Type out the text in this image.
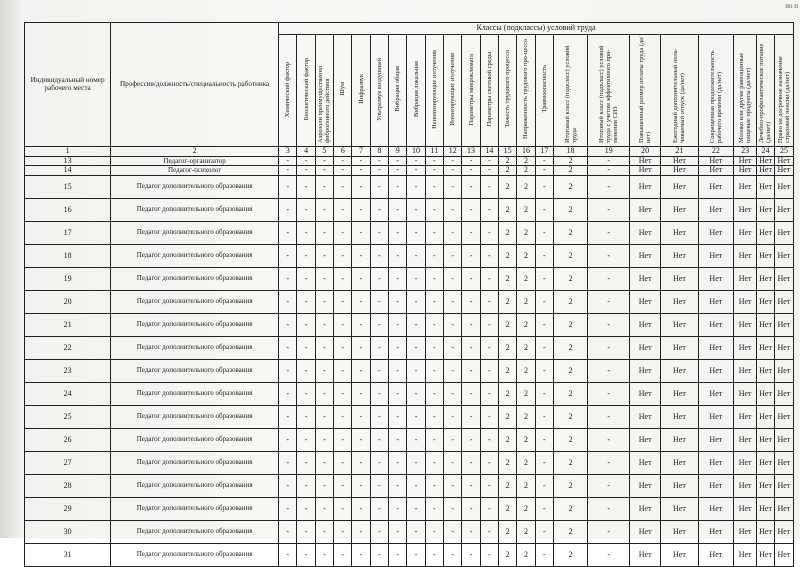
по п
Индивидуальный номер рабочего места	Профессия/должность/специальность работника	Классы (подклассы) условий труда																						
		Химический фактор	Биологический фактор	Аэрозоли преимущественно фиброгенного действия	Шум	Инфразвук	Ультразвук воздушный	Вибрация общая	Вибрация локальная	Неионизирующие излучения	Ионизирующие излучения	Параметры микроклимата	Параметры световой среды	Тяжесть трудового процесса	Напряженность трудового про-цесса	Травмоопасность	Итоговый класс (подкласс) условий труда	Итоговый класс (подкласс) условий труда с учетом эффективного при-менения СИЗ	Повышенный размер оплаты труда (да/нет)	Ежегодный дополнительный опла-чиваемый отпуск (да/нет)	Сокращенная продолжительность рабочего времени (да/нет)	Молоко или другие равноценные пищевые продукты (да/нет)	Лечебно-профилактическое питание (да/нет)	Право на досрочное назначение страховой пенсии (да/нет)
1	2	3	4	5	6	7	8	9	10	11	12	13	14	15	16	17	18	19	20	21	22	23	24	25
13	Педагог-организатор	-	-	-	-	-	-	-	-	-	-	-	-	2	2	-	2	-	Нет	Нет	Нет	Нет	Нет	Нет
14	Педагог-психолог	-	-	-	-	-	-	-	-	-	-	-	-	2	2	-	2	-	Нет	Нет	Нет	Нет	Нет	Нет
15	Педагог дополнительного образования	-	-	-	-	-	-	-	-	-	-	-	-	2	2	-	2	-	Нет	Нет	Нет	Нет	Нет	Нет
16	Педагог дополнительного образования	-	-	-	-	-	-	-	-	-	-	-	-	2	2	-	2	-	Нет	Нет	Нет	Нет	Нет	Нет
17	Педагог дополнительного образования	-	-	-	-	-	-	-	-	-	-	-	-	2	2	-	2	-	Нет	Нет	Нет	Нет	Нет	Нет
18	Педагог дополнительного образования	-	-	-	-	-	-	-	-	-	-	-	-	2	2	-	2	-	Нет	Нет	Нет	Нет	Нет	Нет
19	Педагог дополнительного образования	-	-	-	-	-	-	-	-	-	-	-	-	2	2	-	2	-	Нет	Нет	Нет	Нет	Нет	Нет
20	Педагог дополнительного образования	-	-	-	-	-	-	-	-	-	-	-	-	2	2	-	2	-	Нет	Нет	Нет	Нет	Нет	Нет
21	Педагог дополнительного образования	-	-	-	-	-	-	-	-	-	-	-	-	2	2	-	2	-	Нет	Нет	Нет	Нет	Нет	Нет
22	Педагог дополнительного образования	-	-	-	-	-	-	-	-	-	-	-	-	2	2	-	2	-	Нет	Нет	Нет	Нет	Нет	Нет
23	Педагог дополнительного образования	-	-	-	-	-	-	-	-	-	-	-	-	2	2	-	2	-	Нет	Нет	Нет	Нет	Нет	Нет
24	Педагог дополнительного образования	-	-	-	-	-	-	-	-	-	-	-	-	2	2	-	2	-	Нет	Нет	Нет	Нет	Нет	Нет
25	Педагог дополнительного образования	-	-	-	-	-	-	-	-	-	-	-	-	2	2	-	2	-	Нет	Нет	Нет	Нет	Нет	Нет
26	Педагог дополнительного образования	-	-	-	-	-	-	-	-	-	-	-	-	2	2	-	2	-	Нет	Нет	Нет	Нет	Нет	Нет
27	Педагог дополнительного образования	-	-	-	-	-	-	-	-	-	-	-	-	2	2	-	2	-	Нет	Нет	Нет	Нет	Нет	Нет
28	Педагог дополнительного образования	-	-	-	-	-	-	-	-	-	-	-	-	2	2	-	2	-	Нет	Нет	Нет	Нет	Нет	Нет
29	Педагог дополнительного образования	-	-	-	-	-	-	-	-	-	-	-	-	2	2	-	2	-	Нет	Нет	Нет	Нет	Нет	Нет
30	Педагог дополнительного образования	-	-	-	-	-	-	-	-	-	-	-	-	2	2	-	2	-	Нет	Нет	Нет	Нет	Нет	Нет
31	Педагог дополнительного образования	-	-	-	-	-	-	-	-	-	-	-	-	2	2	-	2	-	Нет	Нет	Нет	Нет	Нет	Нет
